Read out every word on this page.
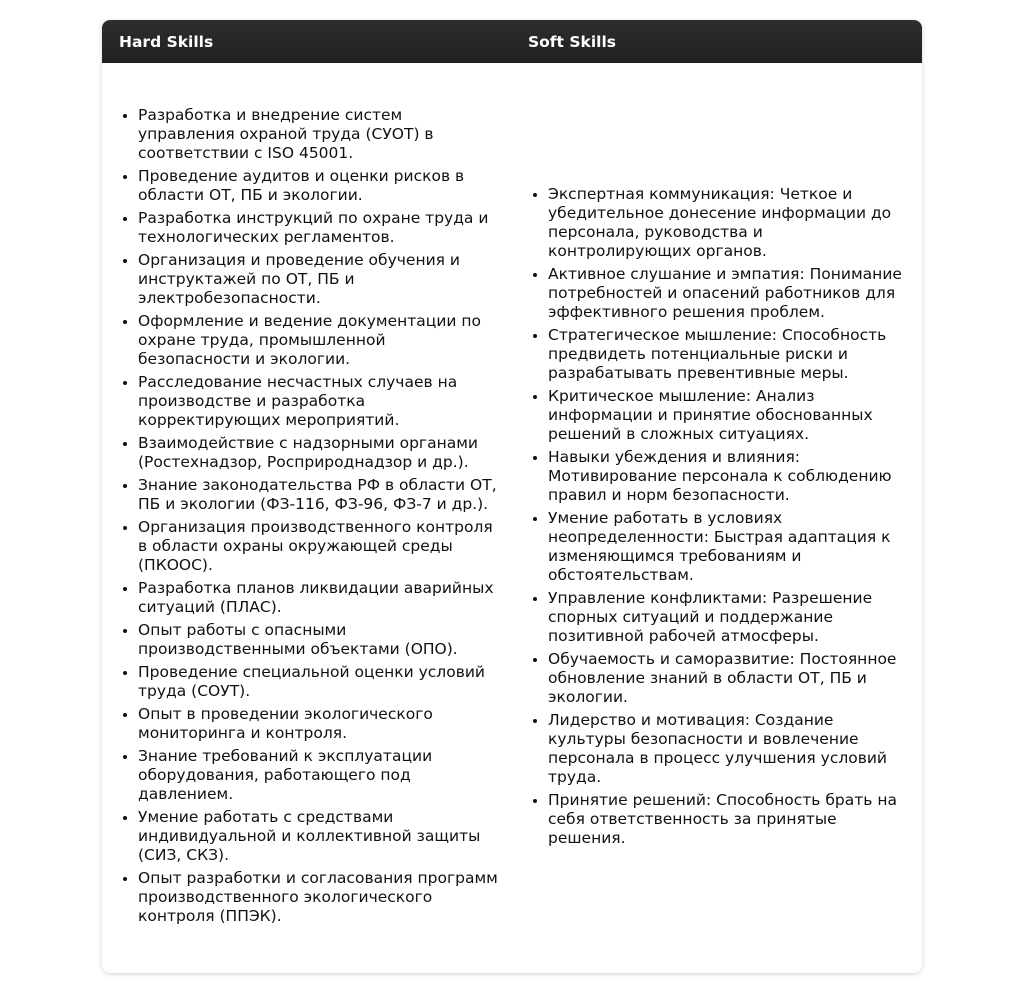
Hard Skills	Soft Skills

• Разработка и внедрение систем управления охраной труда (СУОТ) в соответствии с ISO 45001.
• Проведение аудитов и оценки рисков в области ОТ, ПБ и экологии.
• Разработка инструкций по охране труда и технологических регламентов.
• Организация и проведение обучения и инструктажей по ОТ, ПБ и электробезопасности.
• Оформление и ведение документации по охране труда, промышленной безопасности и экологии.
• Расследование несчастных случаев на производстве и разработка корректирующих мероприятий.
• Взаимодействие с надзорными органами (Ростехнадзор, Росприроднадзор и др.).
• Знание законодательства РФ в области ОТ, ПБ и экологии (ФЗ-116, ФЗ-96, ФЗ-7 и др.).
• Организация производственного контроля в области охраны окружающей среды (ПКООС).
• Разработка планов ликвидации аварийных ситуаций (ПЛАС).
• Опыт работы с опасными производственными объектами (ОПО).
• Проведение специальной оценки условий труда (СОУТ).
• Опыт в проведении экологического мониторинга и контроля.
• Знание требований к эксплуатации оборудования, работающего под давлением.
• Умение работать с средствами индивидуальной и коллективной защиты (СИЗ, СКЗ).
• Опыт разработки и согласования программ производственного экологического контроля (ППЭК).

• Экспертная коммуникация: Четкое и убедительное донесение информации до персонала, руководства и контролирующих органов.
• Активное слушание и эмпатия: Понимание потребностей и опасений работников для эффективного решения проблем.
• Стратегическое мышление: Способность предвидеть потенциальные риски и разрабатывать превентивные меры.
• Критическое мышление: Анализ информации и принятие обоснованных решений в сложных ситуациях.
• Навыки убеждения и влияния: Мотивирование персонала к соблюдению правил и норм безопасности.
• Умение работать в условиях неопределенности: Быстрая адаптация к изменяющимся требованиям и обстоятельствам.
• Управление конфликтами: Разрешение спорных ситуаций и поддержание позитивной рабочей атмосферы.
• Обучаемость и саморазвитие: Постоянное обновление знаний в области ОТ, ПБ и экологии.
• Лидерство и мотивация: Создание культуры безопасности и вовлечение персонала в процесс улучшения условий труда.
• Принятие решений: Способность брать на себя ответственность за принятые решения.
